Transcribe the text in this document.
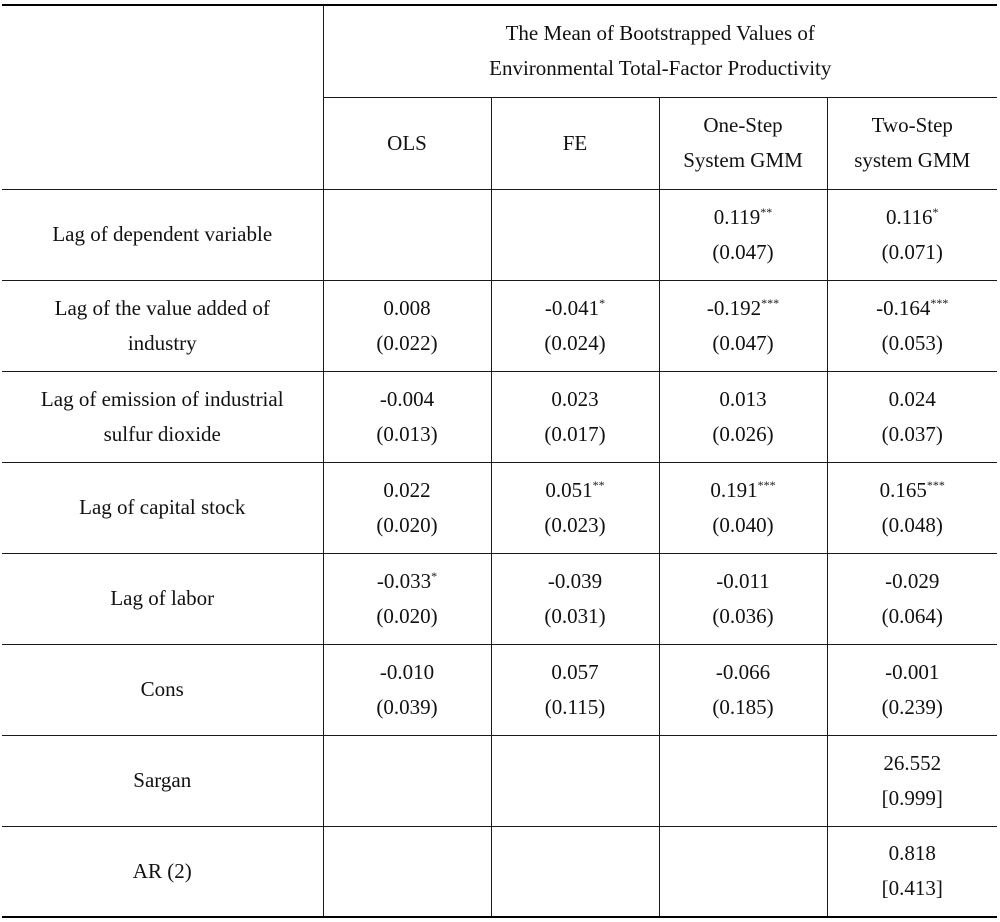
	The Mean of Bootstrapped Values of
Environmental Total-Factor Productivity			

	OLS	FE	One-Step
System GMM	Two-Step
system GMM

Lag of dependent variable			0.119**
(0.047)	0.116*
(0.071)

Lag of the value added of
industry	0.008
(0.022)	-0.041*
(0.024)	-0.192***
(0.047)	-0.164***
(0.053)

Lag of emission of industrial
sulfur dioxide	-0.004
(0.013)	0.023
(0.017)	0.013
(0.026)	0.024
(0.037)

Lag of capital stock	0.022
(0.020)	0.051**
(0.023)	0.191***
(0.040)	0.165***
(0.048)

Lag of labor	-0.033*
(0.020)	-0.039
(0.031)	-0.011
(0.036)	-0.029
(0.064)

Cons	-0.010
(0.039)	0.057
(0.115)	-0.066
(0.185)	-0.001
(0.239)

Sargan				26.552
[0.999]

AR (2)				0.818
[0.413]
